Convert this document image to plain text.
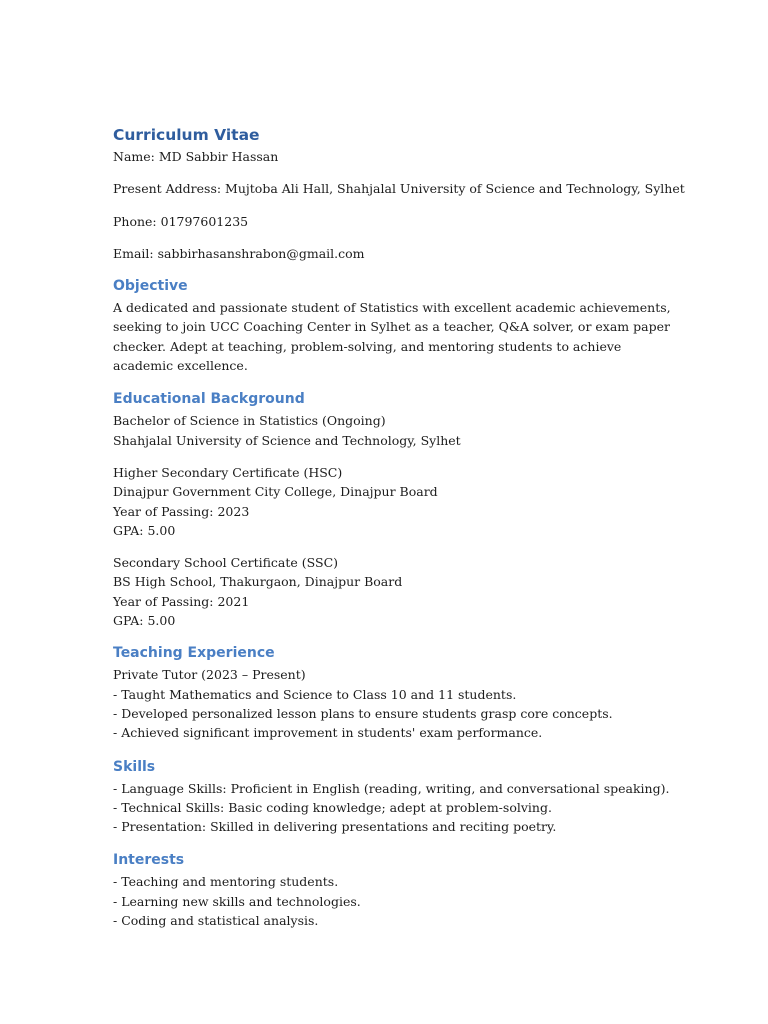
Curriculum Vitae

Name: MD Sabbir Hassan

Present Address: Mujtoba Ali Hall, Shahjalal University of Science and Technology, Sylhet

Phone: 01797601235

Email: sabbirhasanshrabon@gmail.com

Objective

A dedicated and passionate student of Statistics with excellent academic achievements, seeking to join UCC Coaching Center in Sylhet as a teacher, Q&A solver, or exam paper checker. Adept at teaching, problem-solving, and mentoring students to achieve academic excellence.

Educational Background

Bachelor of Science in Statistics (Ongoing)

Shahjalal University of Science and Technology, Sylhet

Higher Secondary Certificate (HSC)

Dinajpur Government City College, Dinajpur Board

Year of Passing: 2023

GPA: 5.00

Secondary School Certificate (SSC)

BS High School, Thakurgaon, Dinajpur Board

Year of Passing: 2021

GPA: 5.00

Teaching Experience

Private Tutor (2023 – Present)

- Taught Mathematics and Science to Class 10 and 11 students.

- Developed personalized lesson plans to ensure students grasp core concepts.

- Achieved significant improvement in students' exam performance.

Skills

- Language Skills: Proficient in English (reading, writing, and conversational speaking).

- Technical Skills: Basic coding knowledge; adept at problem-solving.

- Presentation: Skilled in delivering presentations and reciting poetry.

Interests

- Teaching and mentoring students.

- Learning new skills and technologies.

- Coding and statistical analysis.
